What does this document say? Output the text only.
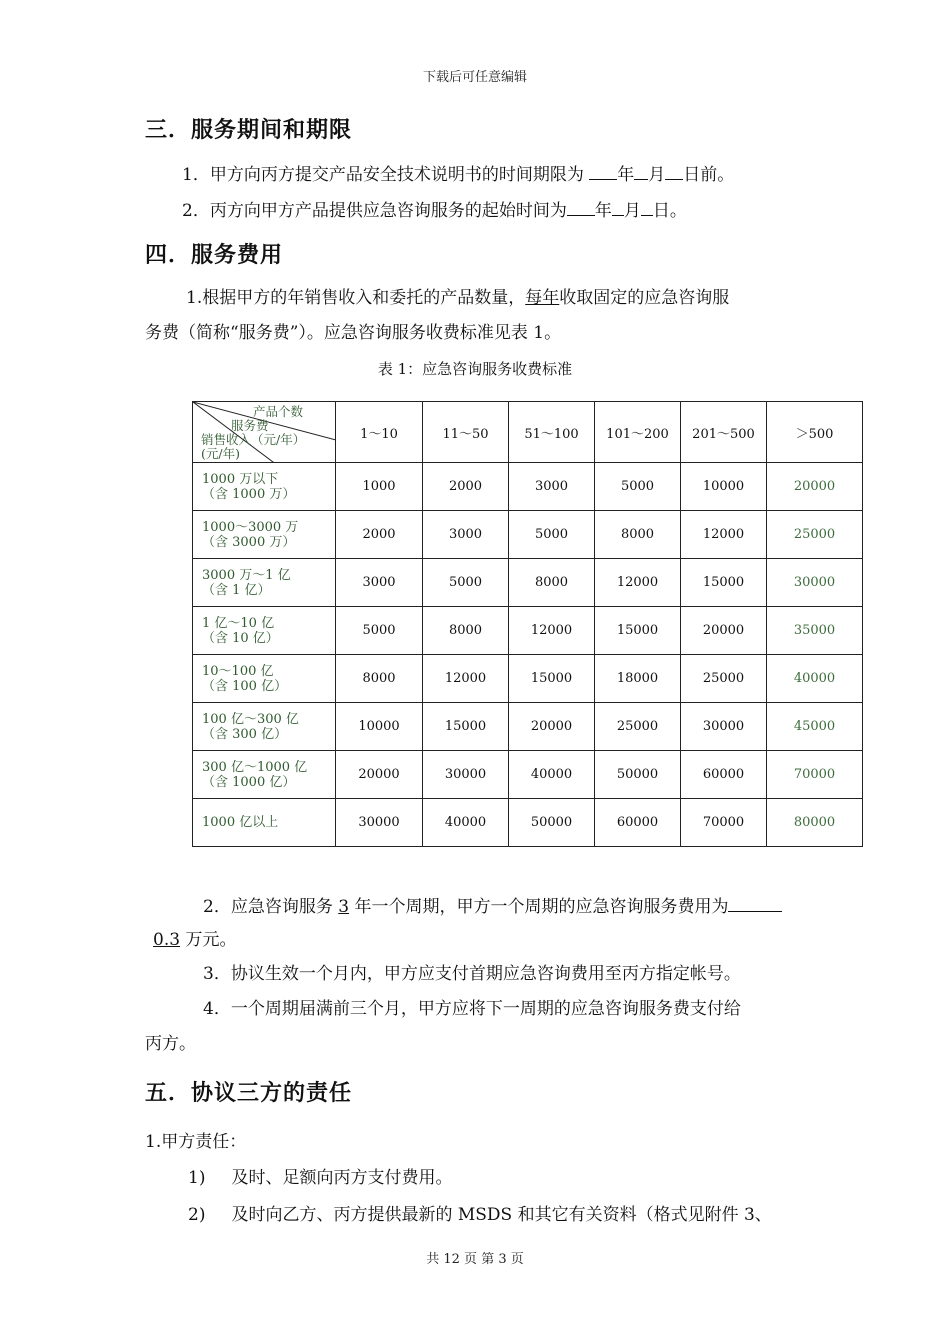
下载后可任意编辑
三．服务期间和期限
1．甲方向丙方提交产品安全技术说明书的时间期限为 年 月 日前。
2．丙方向甲方产品提供应急咨询服务的起始时间为 年 月 日。
四．服务费用
1.根据甲方的年销售收入和委托的产品数量，每年收取固定的应急咨询服
务费（简称“服务费”）。应急咨询服务收费标准见表 1。
表 1：应急咨询服务收费标准
产品个数
服务费
销售收入（元/年）
(元/年)	1～10	11～50	51～100	101～200	201～500	＞500

1000 万以下
（含 1000 万）	1000	2000	3000	5000	10000	20000

1000～3000 万
（含 3000 万）	2000	3000	5000	8000	12000	25000

3000 万～1 亿
（含 1 亿）	3000	5000	8000	12000	15000	30000

1 亿～10 亿
（含 10 亿）	5000	8000	12000	15000	20000	35000

10～100 亿
（含 100 亿）	8000	12000	15000	18000	25000	40000

100 亿～300 亿
（含 300 亿）	10000	15000	20000	25000	30000	45000

300 亿～1000 亿
（含 1000 亿）	20000	30000	40000	50000	60000	70000

1000 亿以上	30000	40000	50000	60000	70000	80000
2．应急咨询服务 3 年一个周期，甲方一个周期的应急咨询服务费用为
0.3 万元。
3．协议生效一个月内，甲方应支付首期应急咨询费用至丙方指定帐号。
4．一个周期届满前三个月，甲方应将下一周期的应急咨询服务费支付给
丙方。
五．协议三方的责任
1.甲方责任：
1) 及时、足额向丙方支付费用。
2) 及时向乙方、丙方提供最新的 MSDS 和其它有关资料（格式见附件 3、
共 12 页 第 3 页
